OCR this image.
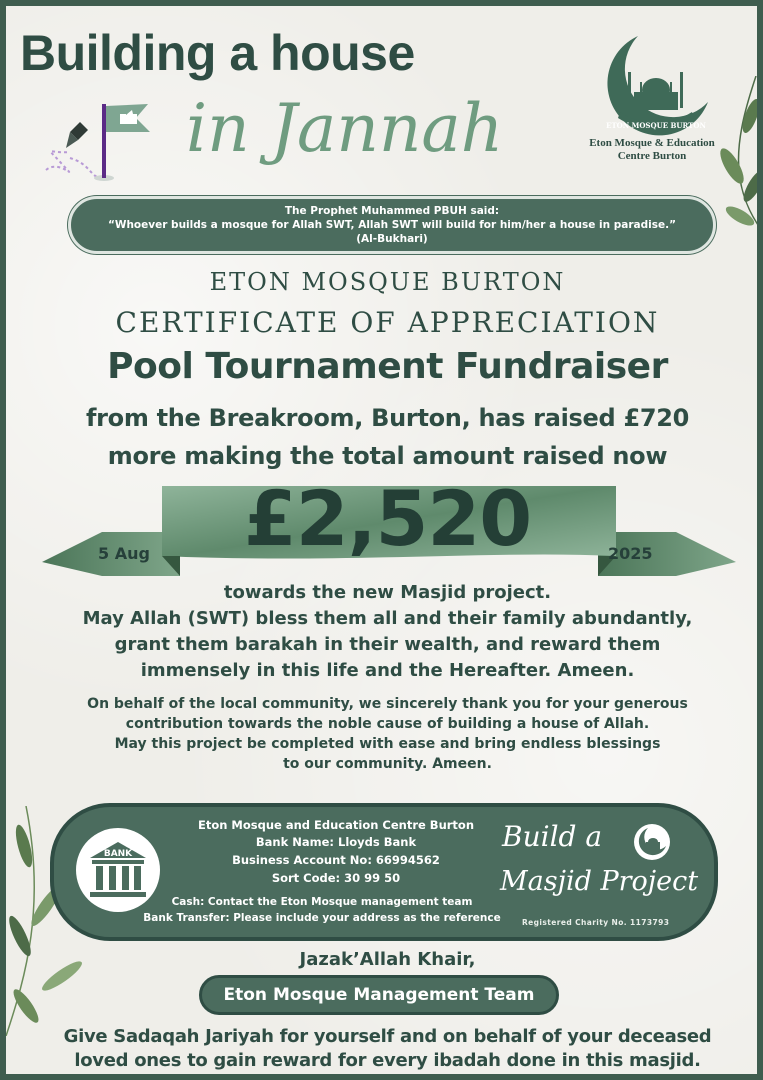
Building a house
in Jannah	ETON MOSQUE BURTON
Eton Mosque & Education
Centre Burton
The Prophet Muhammed PBUH said:
“Whoever builds a mosque for Allah SWT, Allah SWT will build for him/her a house in paradise.”
(Al-Bukhari)
ETON MOSQUE BURTON
CERTIFICATE OF APPRECIATION
Pool Tournament Fundraiser
from the Breakroom, Burton, has raised £720
more making the total amount raised now
£2,520
5 Aug	2025
towards the new Masjid project.
May Allah (SWT) bless them all and their family abundantly,
grant them barakah in their wealth, and reward them
immensely in this life and the Hereafter. Ameen.
On behalf of the local community, we sincerely thank you for your generous
contribution towards the noble cause of building a house of Allah.
May this project be completed with ease and bring endless blessings
to our community. Ameen.
BANK
Eton Mosque and Education Centre Burton
Bank Name: Lloyds Bank
Business Account No: 66994562
Sort Code: 30 99 50
Cash: Contact the Eton Mosque management team
Bank Transfer: Please include your address as the reference
Build a
Masjid Project
Registered Charity No. 1173793
Jazak’Allah Khair,
Eton Mosque Management Team
Give Sadaqah Jariyah for yourself and on behalf of your deceased
loved ones to gain reward for every ibadah done in this masjid.
